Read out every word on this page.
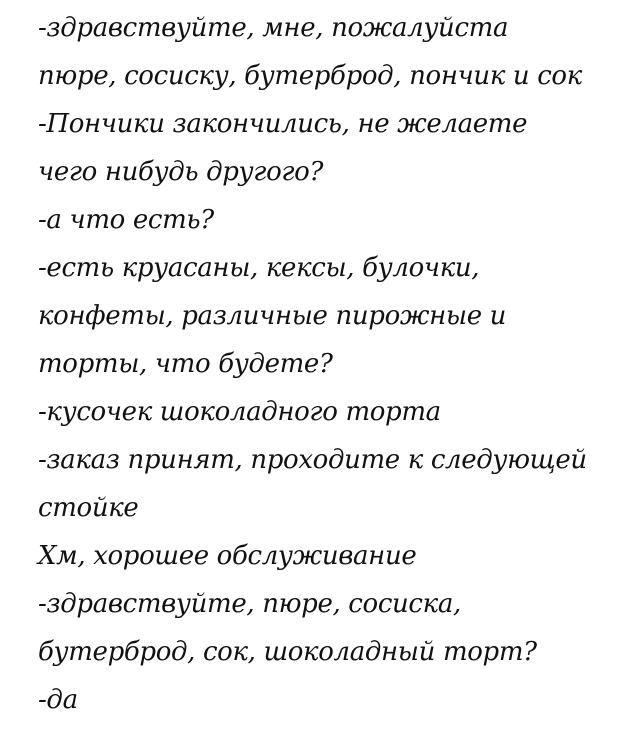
-здравствуйте, мне, пожалуйста
пюре, сосиску, бутерброд, пончик и сок
-Пончики закончились, не желаете
чего нибудь другого?
-а что есть?
-есть круасаны, кексы, булочки,
конфеты, различные пирожные и
торты, что будете?
-кусочек шоколадного торта
-заказ принят, проходите к следующей
стойке
Хм, хорошее обслуживание
-здравствуйте, пюре, сосиска,
бутерброд, сок, шоколадный торт?
-да
